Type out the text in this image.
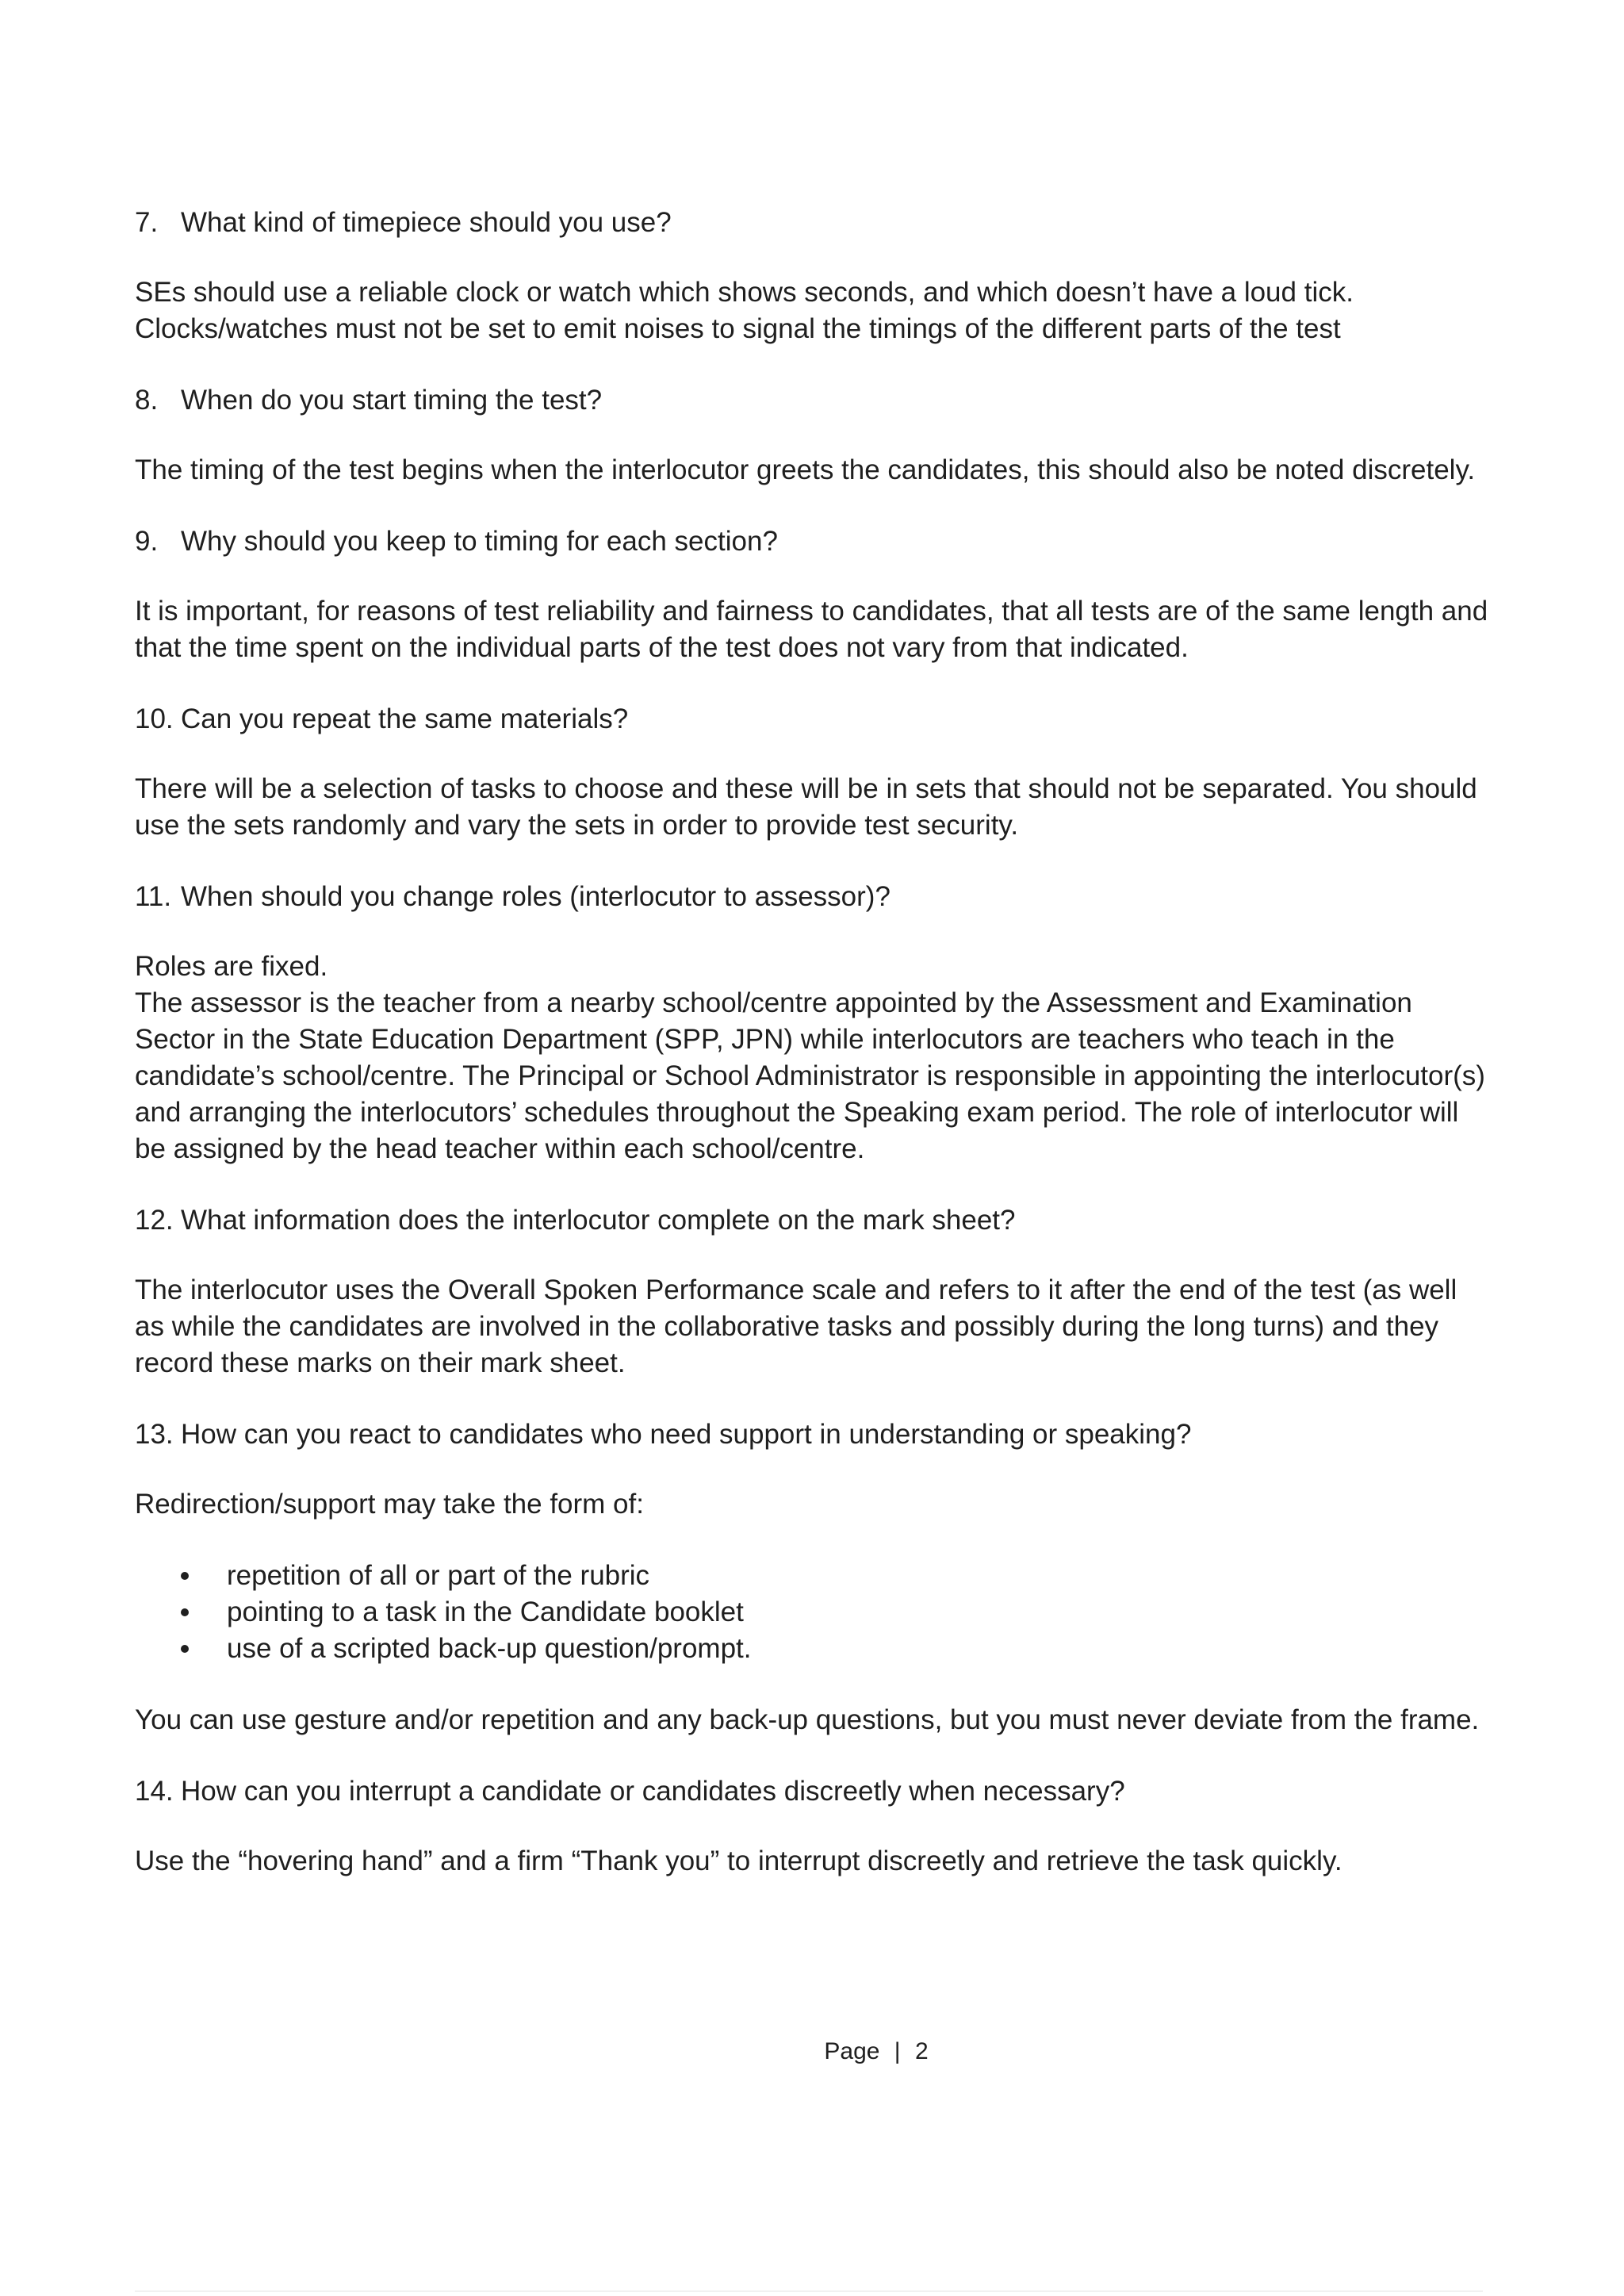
7. What kind of timepiece should you use?

SEs should use a reliable clock or watch which shows seconds, and which doesn’t have a loud tick. Clocks/watches must not be set to emit noises to signal the timings of the different parts of the test

8. When do you start timing the test?

The timing of the test begins when the interlocutor greets the candidates, this should also be noted discretely.

9. Why should you keep to timing for each section?

It is important, for reasons of test reliability and fairness to candidates, that all tests are of the same length and that the time spent on the individual parts of the test does not vary from that indicated.

10. Can you repeat the same materials?

There will be a selection of tasks to choose and these will be in sets that should not be separated. You should use the sets randomly and vary the sets in order to provide test security.

11. When should you change roles (interlocutor to assessor)?

Roles are fixed.

The assessor is the teacher from a nearby school/centre appointed by the Assessment and Examination Sector in the State Education Department (SPP, JPN) while interlocutors are teachers who teach in the candidate’s school/centre. The Principal or School Administrator is responsible in appointing the interlocutor(s) and arranging the interlocutors’ schedules throughout the Speaking exam period. The role of interlocutor will be assigned by the head teacher within each school/centre.

12. What information does the interlocutor complete on the mark sheet?

The interlocutor uses the Overall Spoken Performance scale and refers to it after the end of the test (as well as while the candidates are involved in the collaborative tasks and possibly during the long turns) and they record these marks on their mark sheet.

13. How can you react to candidates who need support in understanding or speaking?

Redirection/support may take the form of:

repetition of all or part of the rubric
pointing to a task in the Candidate booklet
use of a scripted back-up question/prompt.

You can use gesture and/or repetition and any back-up questions, but you must never deviate from the frame.

14. How can you interrupt a candidate or candidates discreetly when necessary?

Use the “hovering hand” and a firm “Thank you” to interrupt discreetly and retrieve the task quickly.

Page | 2
